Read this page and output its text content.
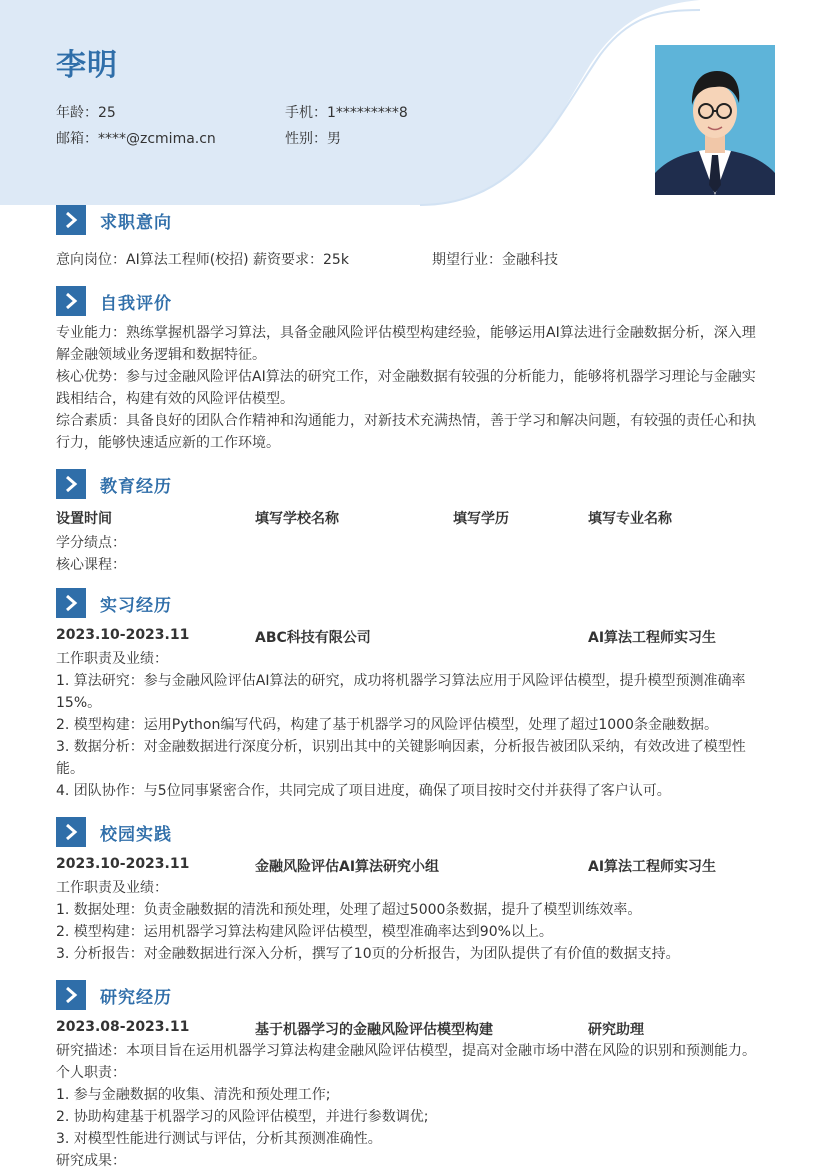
李明
年龄：25	手机：1*********8
邮箱：****@zcmima.cn	性别：男
求职意向
意向岗位：AI算法工程师(校招) 薪资要求：25k	期望行业：金融科技
自我评价
专业能力：熟练掌握机器学习算法，具备金融风险评估模型构建经验，能够运用AI算法进行金融数据分析，深入理解金融领域业务逻辑和数据特征。
核心优势：参与过金融风险评估AI算法的研究工作，对金融数据有较强的分析能力，能够将机器学习理论与金融实践相结合，构建有效的风险评估模型。
综合素质：具备良好的团队合作精神和沟通能力，对新技术充满热情，善于学习和解决问题，有较强的责任心和执行力，能够快速适应新的工作环境。
教育经历
设置时间	填写学校名称	填写学历	填写专业名称
学分绩点：
核心课程：
实习经历
2023.10-2023.11	ABC科技有限公司	AI算法工程师实习生
工作职责及业绩：
1. 算法研究：参与金融风险评估AI算法的研究，成功将机器学习算法应用于风险评估模型，提升模型预测准确率15%。
2. 模型构建：运用Python编写代码，构建了基于机器学习的风险评估模型，处理了超过1000条金融数据。
3. 数据分析：对金融数据进行深度分析，识别出其中的关键影响因素，分析报告被团队采纳，有效改进了模型性能。
4. 团队协作：与5位同事紧密合作，共同完成了项目进度，确保了项目按时交付并获得了客户认可。
校园实践
2023.10-2023.11	金融风险评估AI算法研究小组	AI算法工程师实习生
工作职责及业绩：
1. 数据处理：负责金融数据的清洗和预处理，处理了超过5000条数据，提升了模型训练效率。
2. 模型构建：运用机器学习算法构建风险评估模型，模型准确率达到90%以上。
3. 分析报告：对金融数据进行深入分析，撰写了10页的分析报告，为团队提供了有价值的数据支持。
研究经历
2023.08-2023.11	基于机器学习的金融风险评估模型构建	研究助理
研究描述：本项目旨在运用机器学习算法构建金融风险评估模型，提高对金融市场中潜在风险的识别和预测能力。
个人职责：
1. 参与金融数据的收集、清洗和预处理工作;
2. 协助构建基于机器学习的风险评估模型，并进行参数调优;
3. 对模型性能进行测试与评估，分析其预测准确性。
研究成果：
